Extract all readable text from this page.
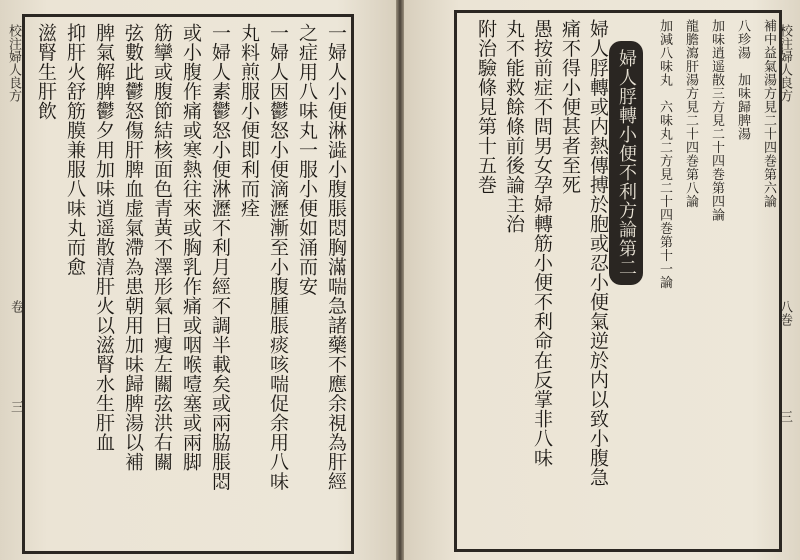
一婦人小便淋澁小腹脹悶胸滿喘急諸藥不應余視為肝經
之症用八味丸一服小便如涌而安
一婦人因鬱怒小便滴瀝漸至小腹腫脹痰咳喘促余用八味
丸料煎服小便即利而痊
一婦人素鬱怒小便淋瀝不利月經不調半載矣或兩脇脹悶
或小腹作痛或寒熱往來或胸乳作痛或咽喉噎塞或兩脚
筋攣或腹節結核面色青黃不澤形氣日瘦左關弦洪右關
弦數此鬱怒傷肝脾血虚氣滯為患朝用加味歸脾湯以補
脾氣解脾鬱夕用加味逍遥散清肝火以滋腎水生肝血
抑肝火舒筋膜兼服八味丸而愈
滋腎生肝飲
校注婦人良方
卷
三
補中益氣湯方見二十四巻第六論
八珍湯　加味歸脾湯
加味逍遥散三方見二十四巻第四論
龍膽瀉肝湯方見二十四巻第八論
加減八味丸　六味丸二方見二十四巻第十一論
婦人脬轉小便不利方論第二
婦人脬轉或内熱傳搏於胞或忍小便氣逆於内以致小腹急
痛不得小便甚者至死
愚按前症不問男女孕婦轉筋小便不利命在反掌非八味
丸不能救餘條前後論主治
附治驗條見第十五巻	校注婦人良方
八巻
三
